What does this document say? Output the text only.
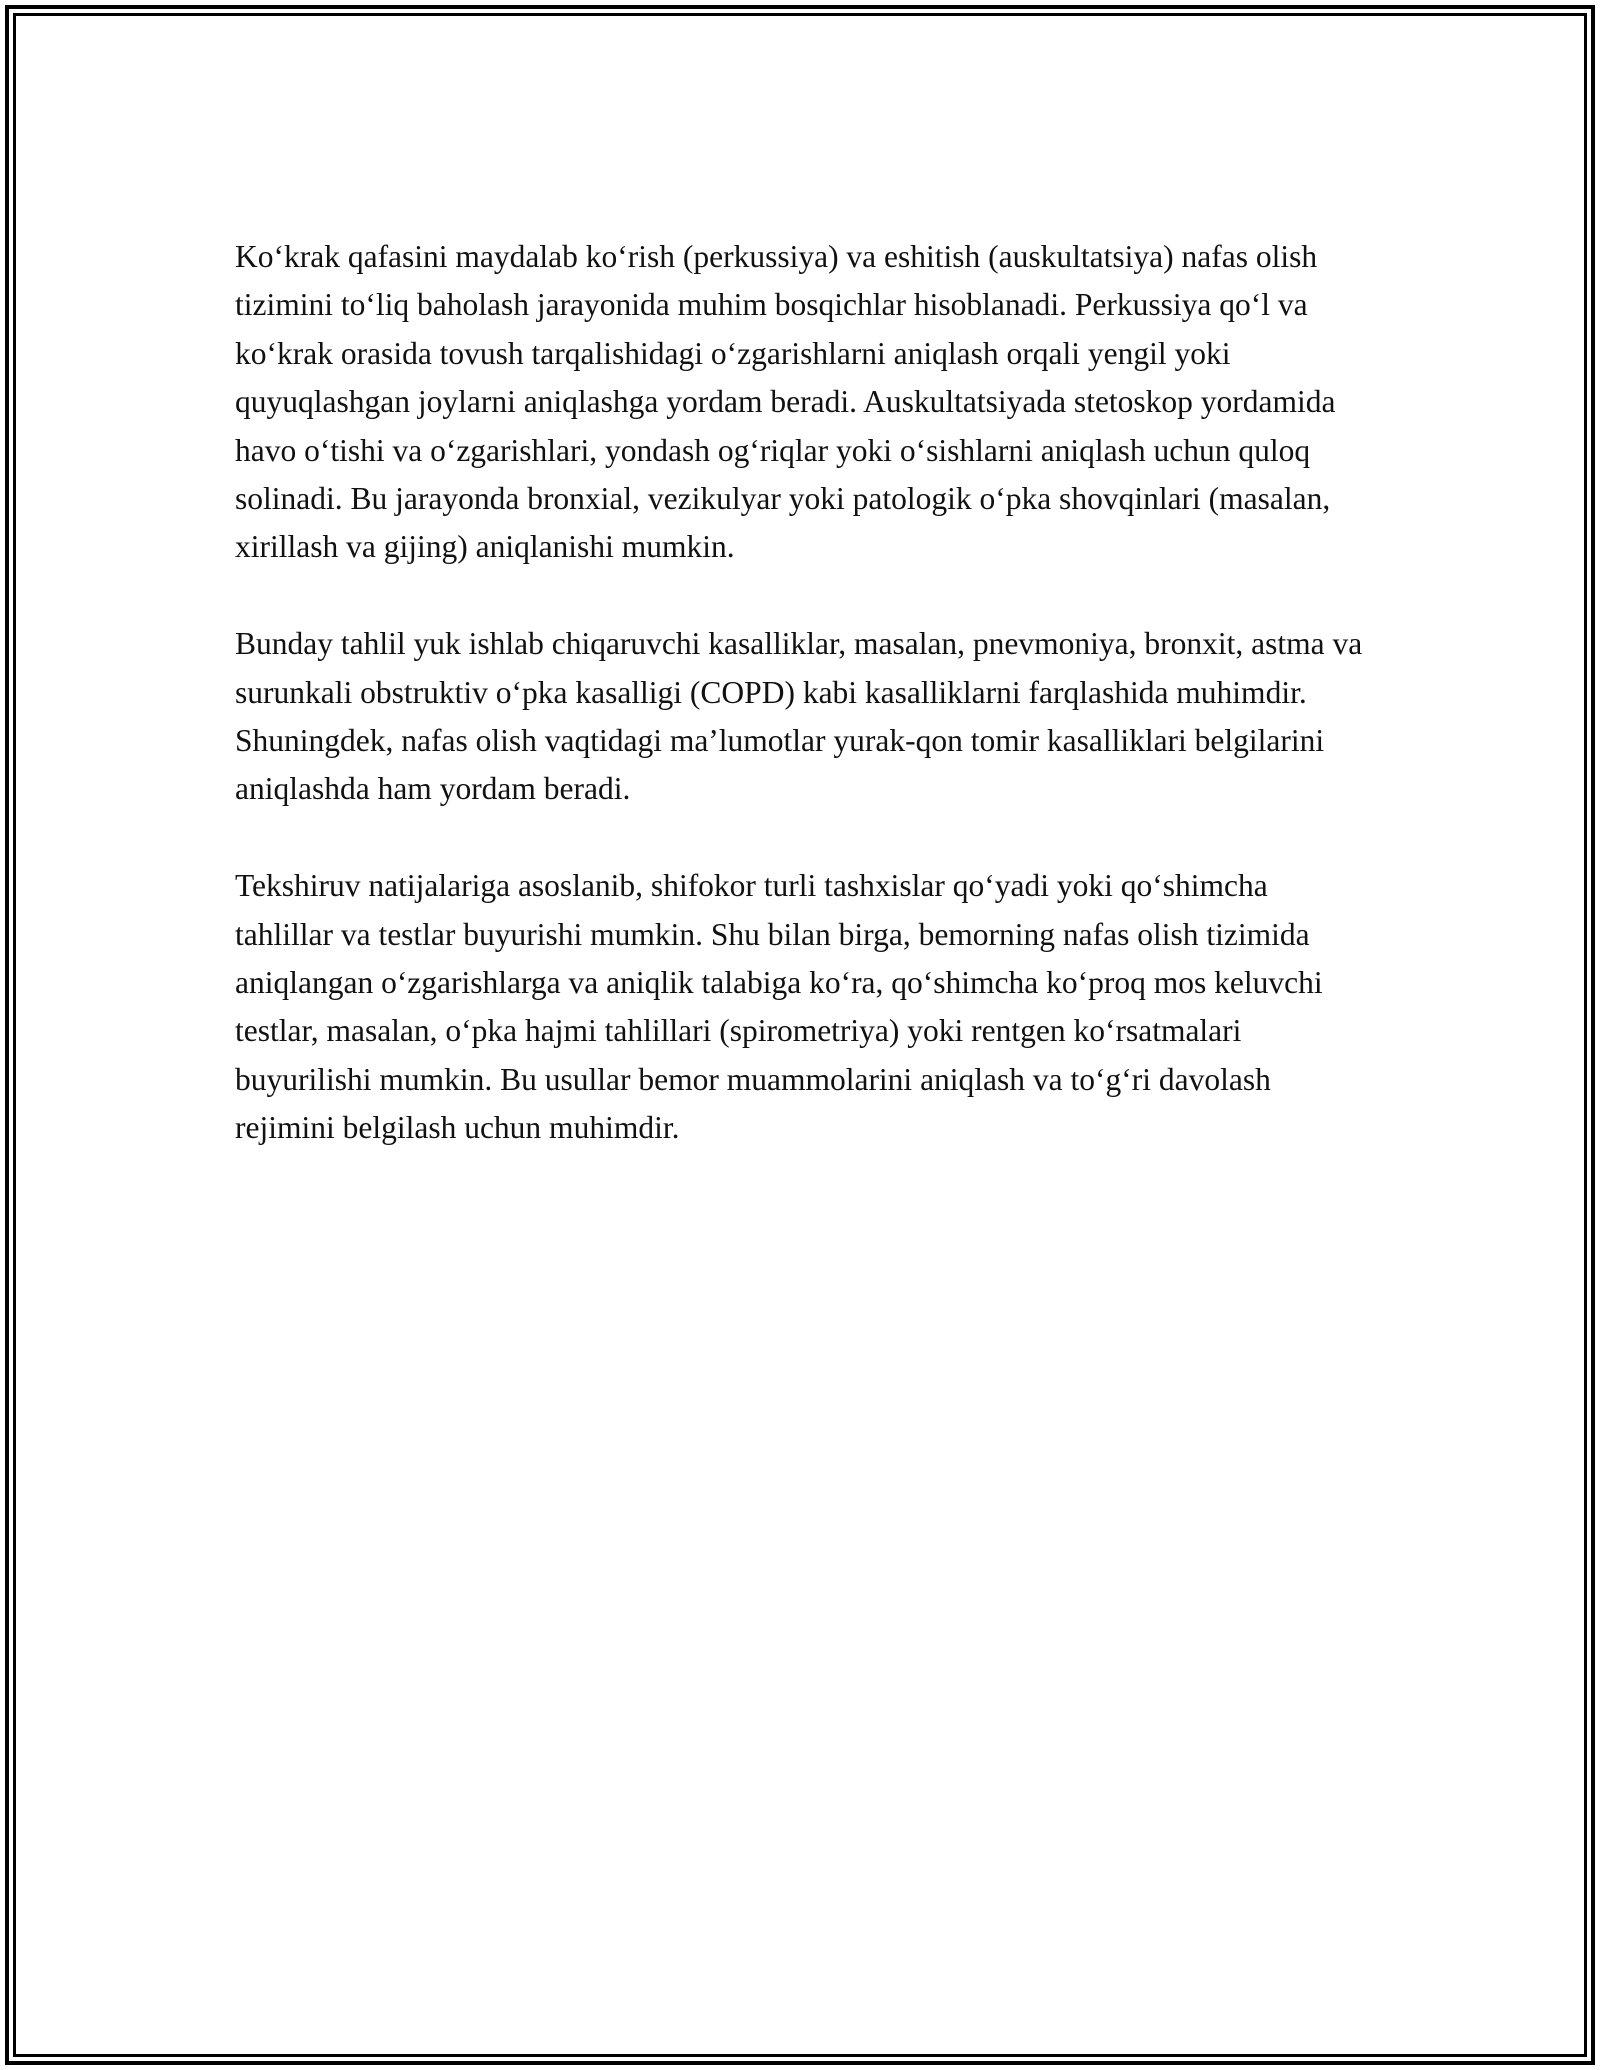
Ko‘krak qafasini maydalab ko‘rish (perkussiya) va eshitish (auskultatsiya) nafas olish tizimini to‘liq baholash jarayonida muhim bosqichlar hisoblanadi. Perkussiya qo‘l va ko‘krak orasida tovush tarqalishidagi o‘zgarishlarni aniqlash orqali yengil yoki quyuqlashgan joylarni aniqlashga yordam beradi. Auskultatsiyada stetoskop yordamida havo o‘tishi va o‘zgarishlari, yondash og‘riqlar yoki o‘sishlarni aniqlash uchun quloq solinadi. Bu jarayonda bronxial, vezikulyar yoki patologik o‘pka shovqinlari (masalan, xirillash va gijing) aniqlanishi mumkin.

Bunday tahlil yuk ishlab chiqaruvchi kasalliklar, masalan, pnevmoniya, bronxit, astma va surunkali obstruktiv o‘pka kasalligi (COPD) kabi kasalliklarni farqlashida muhimdir. Shuningdek, nafas olish vaqtidagi ma’lumotlar yurak-qon tomir kasalliklari belgilarini aniqlashda ham yordam beradi.

Tekshiruv natijalariga asoslanib, shifokor turli tashxislar qo‘yadi yoki qo‘shimcha tahlillar va testlar buyurishi mumkin. Shu bilan birga, bemorning nafas olish tizimida aniqlangan o‘zgarishlarga va aniqlik talabiga ko‘ra, qo‘shimcha ko‘proq mos keluvchi testlar, masalan, o‘pka hajmi tahlillari (spirometriya) yoki rentgen ko‘rsatmalari buyurilishi mumkin. Bu usullar bemor muammolarini aniqlash va to‘g‘ri davolash rejimini belgilash uchun muhimdir.
